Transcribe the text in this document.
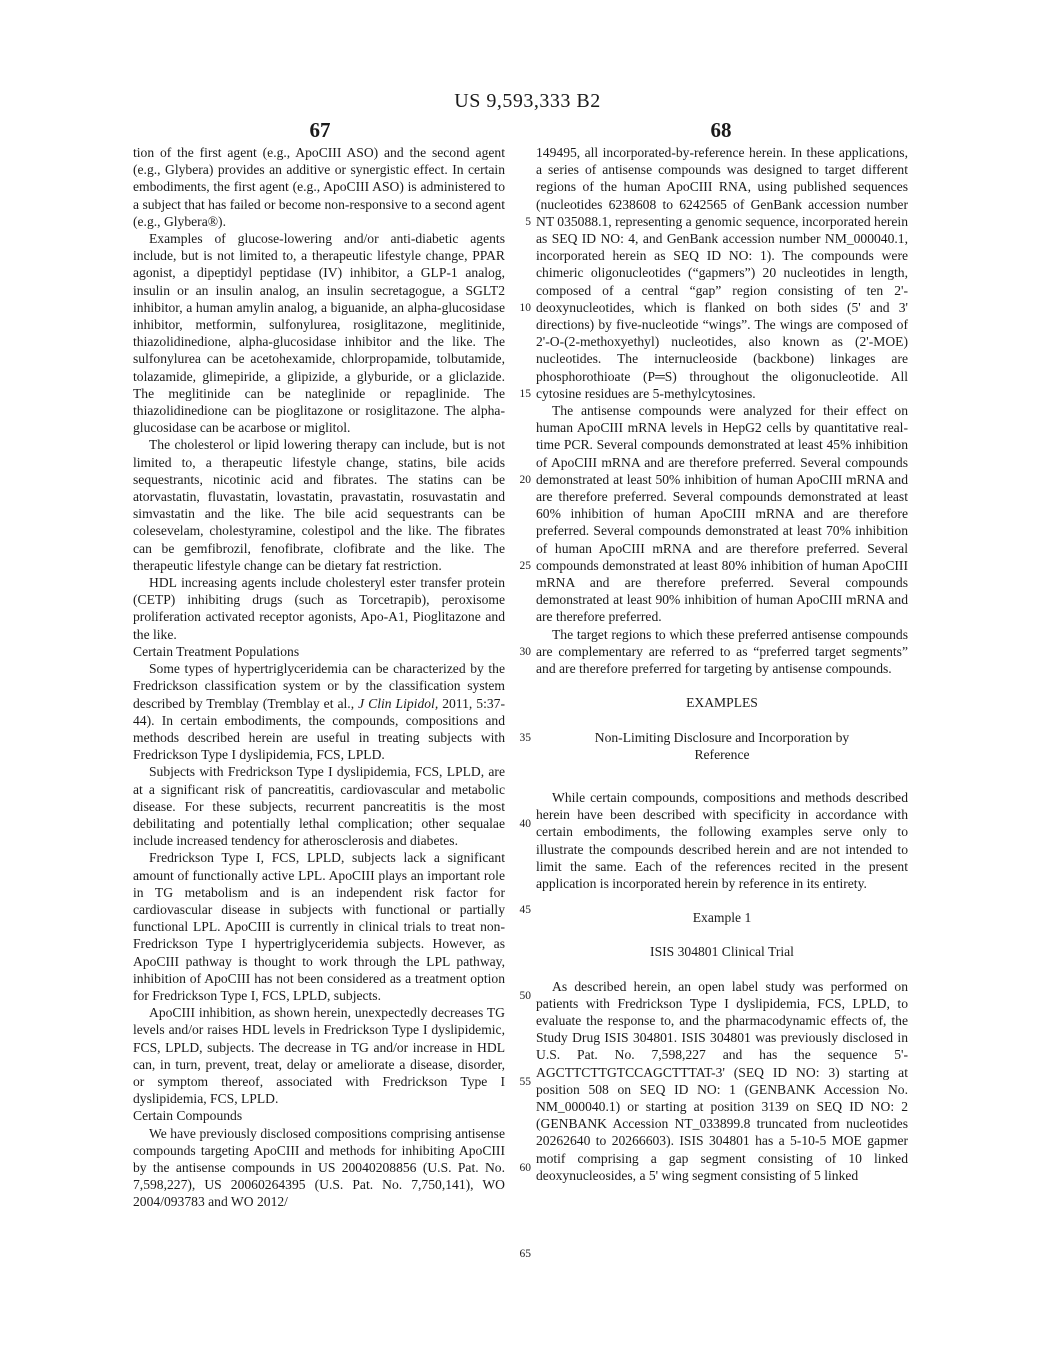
US 9,593,333 B2
67	68

tion of the first agent (e.g., ApoCIII ASO) and the second agent (e.g., Glybera) provides an additive or synergistic effect. In certain embodiments, the first agent (e.g., ApoCIII ASO) is administered to a subject that has failed or become non-responsive to a second agent (e.g., Glybera®).

Examples of glucose-lowering and/or anti-diabetic agents include, but is not limited to, a therapeutic lifestyle change, PPAR agonist, a dipeptidyl peptidase (IV) inhibitor, a GLP-1 analog, insulin or an insulin analog, an insulin secretagogue, a SGLT2 inhibitor, a human amylin analog, a biguanide, an alpha-glucosidase inhibitor, metformin, sulfonylurea, rosiglitazone, meglitinide, thiazolidinedione, alpha-glucosidase inhibitor and the like. The sulfonylurea can be acetohexamide, chlorpropamide, tolbutamide, tolazamide, glimepiride, a glipizide, a glyburide, or a gliclazide. The meglitinide can be nateglinide or repaglinide. The thiazolidinedione can be pioglitazone or rosiglitazone. The alpha-glucosidase can be acarbose or miglitol.

The cholesterol or lipid lowering therapy can include, but is not limited to, a therapeutic lifestyle change, statins, bile acids sequestrants, nicotinic acid and fibrates. The statins can be atorvastatin, fluvastatin, lovastatin, pravastatin, rosuvastatin and simvastatin and the like. The bile acid sequestrants can be colesevelam, cholestyramine, colestipol and the like. The fibrates can be gemfibrozil, fenofibrate, clofibrate and the like. The therapeutic lifestyle change can be dietary fat restriction.

HDL increasing agents include cholesteryl ester transfer protein (CETP) inhibiting drugs (such as Torcetrapib), peroxisome proliferation activated receptor agonists, Apo-A1, Pioglitazone and the like.

Certain Treatment Populations

Some types of hypertriglyceridemia can be characterized by the Fredrickson classification system or by the classification system described by Tremblay (Tremblay et al., J Clin Lipidol, 2011, 5:37-44). In certain embodiments, the compounds, compositions and methods described herein are useful in treating subjects with Fredrickson Type I dyslipidemia, FCS, LPLD.

Subjects with Fredrickson Type I dyslipidemia, FCS, LPLD, are at a significant risk of pancreatitis, cardiovascular and metabolic disease. For these subjects, recurrent pancreatitis is the most debilitating and potentially lethal complication; other sequalae include increased tendency for atherosclerosis and diabetes.

Fredrickson Type I, FCS, LPLD, subjects lack a significant amount of functionally active LPL. ApoCIII plays an important role in TG metabolism and is an independent risk factor for cardiovascular disease in subjects with functional or partially functional LPL. ApoCIII is currently in clinical trials to treat non-Fredrickson Type I hypertriglyceridemia subjects. However, as ApoCIII pathway is thought to work through the LPL pathway, inhibition of ApoCIII has not been considered as a treatment option for Fredrickson Type I, FCS, LPLD, subjects.

ApoCIII inhibition, as shown herein, unexpectedly decreases TG levels and/or raises HDL levels in Fredrickson Type I dyslipidemic, FCS, LPLD, subjects. The decrease in TG and/or increase in HDL can, in turn, prevent, treat, delay or ameliorate a disease, disorder, or symptom thereof, associated with Fredrickson Type I dyslipidemia, FCS, LPLD.

Certain Compounds

We have previously disclosed compositions comprising antisense compounds targeting ApoCIII and methods for inhibiting ApoCIII by the antisense compounds in US 20040208856 (U.S. Pat. No. 7,598,227), US 20060264395 (U.S. Pat. No. 7,750,141), WO 2004/093783 and WO 2012/

5
10
15
20
25
30
35
40
45
50
55
60
65

149495, all incorporated-by-reference herein. In these applications, a series of antisense compounds was designed to target different regions of the human ApoCIII RNA, using published sequences (nucleotides 6238608 to 6242565 of GenBank accession number NT 035088.1, representing a genomic sequence, incorporated herein as SEQ ID NO: 4, and GenBank accession number NM_000040.1, incorporated herein as SEQ ID NO: 1). The compounds were chimeric oligonucleotides (“gapmers”) 20 nucleotides in length, composed of a central “gap” region consisting of ten 2'-deoxynucleotides, which is flanked on both sides (5' and 3' directions) by five-nucleotide “wings”. The wings are composed of 2'-O-(2-methoxyethyl) nucleotides, also known as (2'-MOE) nucleotides. The internucleoside (backbone) linkages are phosphorothioate (P═S) throughout the oligonucleotide. All cytosine residues are 5-methylcytosines.

The antisense compounds were analyzed for their effect on human ApoCIII mRNA levels in HepG2 cells by quantitative real-time PCR. Several compounds demonstrated at least 45% inhibition of ApoCIII mRNA and are therefore preferred. Several compounds demonstrated at least 50% inhibition of human ApoCIII mRNA and are therefore preferred. Several compounds demonstrated at least 60% inhibition of human ApoCIII mRNA and are therefore preferred. Several compounds demonstrated at least 70% inhibition of human ApoCIII mRNA and are therefore preferred. Several compounds demonstrated at least 80% inhibition of human ApoCIII mRNA and are therefore preferred. Several compounds demonstrated at least 90% inhibition of human ApoCIII mRNA and are therefore preferred.

The target regions to which these preferred antisense compounds are complementary are referred to as “preferred target segments” and are therefore preferred for targeting by antisense compounds.

EXAMPLES
Non-Limiting Disclosure and Incorporation by Reference

While certain compounds, compositions and methods described herein have been described with specificity in accordance with certain embodiments, the following examples serve only to illustrate the compounds described herein and are not intended to limit the same. Each of the references recited in the present application is incorporated herein by reference in its entirety.

Example 1
ISIS 304801 Clinical Trial

As described herein, an open label study was performed on patients with Fredrickson Type I dyslipidemia, FCS, LPLD, to evaluate the response to, and the pharmacodynamic effects of, the Study Drug ISIS 304801. ISIS 304801 was previously disclosed in U.S. Pat. No. 7,598,227 and has the sequence 5'-AGCTTCTTGTCCAGCTTTAT-3' (SEQ ID NO: 3) starting at position 508 on SEQ ID NO: 1 (GENBANK Accession No. NM_000040.1) or starting at position 3139 on SEQ ID NO: 2 (GENBANK Accession NT_033899.8 truncated from nucleotides 20262640 to 20266603). ISIS 304801 has a 5-10-5 MOE gapmer motif comprising a gap segment consisting of 10 linked deoxynucleosides, a 5' wing segment consisting of 5 linked
